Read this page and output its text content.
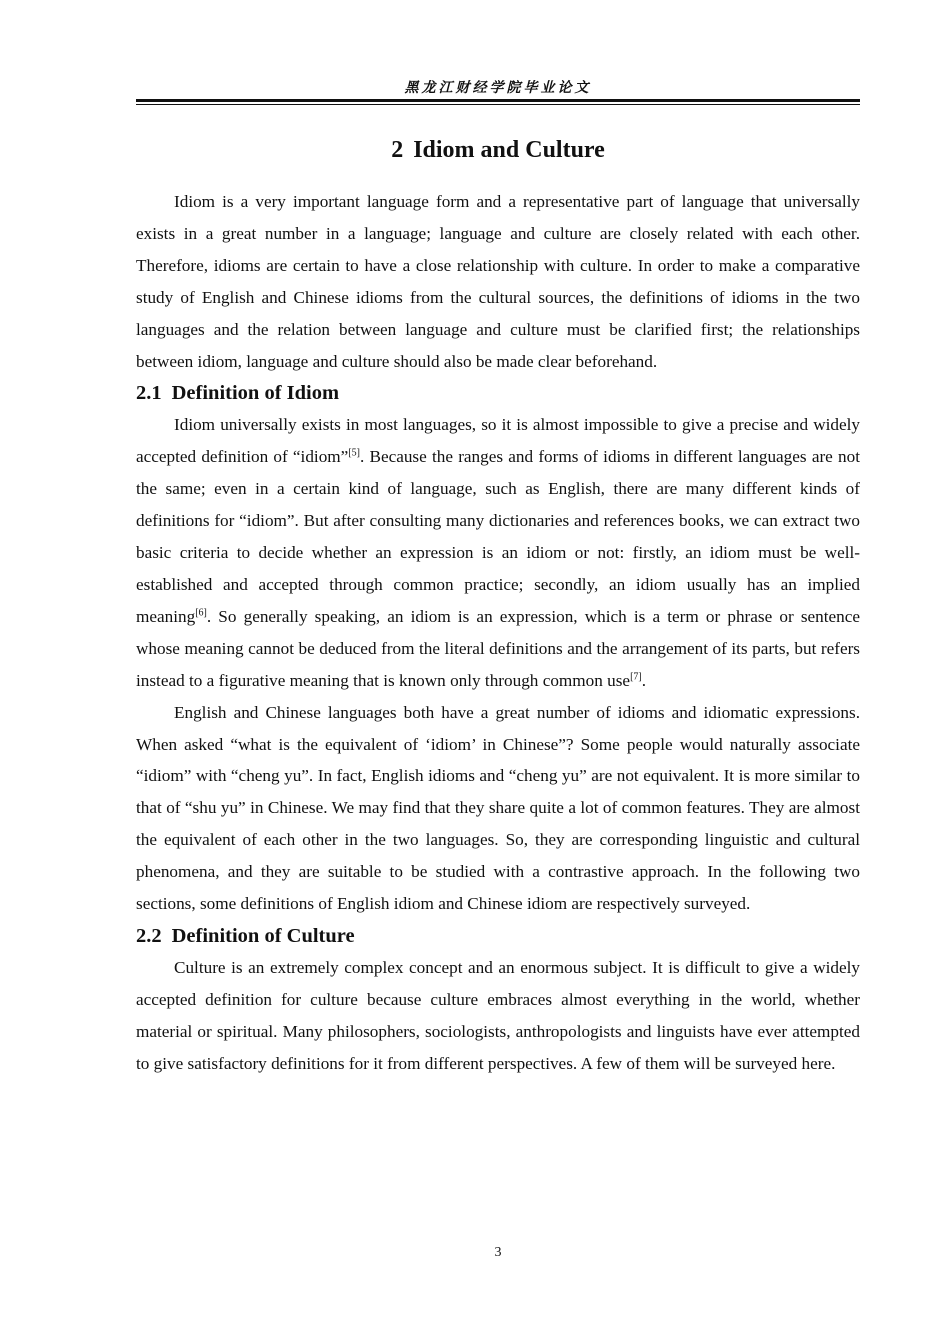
黑龙江财经学院毕业论文
2 Idiom and Culture

Idiom is a very important language form and a representative part of language that universally exists in a great number in a language; language and culture are closely related with each other. Therefore, idioms are certain to have a close relationship with culture. In order to make a comparative study of English and Chinese idioms from the cultural sources, the definitions of idioms in the two languages and the relation between language and culture must be clarified first; the relationships between idiom, language and culture should also be made clear beforehand.

2.1 Definition of Idiom

Idiom universally exists in most languages, so it is almost impossible to give a precise and widely accepted definition of “idiom”[5]. Because the ranges and forms of idioms in different languages are not the same; even in a certain kind of language, such as English, there are many different kinds of definitions for “idiom”. But after consulting many dictionaries and references books, we can extract two basic criteria to decide whether an expression is an idiom or not: firstly, an idiom must be well-established and accepted through common practice; secondly, an idiom usually has an implied meaning[6]. So generally speaking, an idiom is an expression, which is a term or phrase or sentence whose meaning cannot be deduced from the literal definitions and the arrangement of its parts, but refers instead to a figurative meaning that is known only through common use[7].

English and Chinese languages both have a great number of idioms and idiomatic expressions. When asked “what is the equivalent of ‘idiom’ in Chinese”? Some people would naturally associate “idiom” with “cheng yu”. In fact, English idioms and “cheng yu” are not equivalent. It is more similar to that of “shu yu” in Chinese. We may find that they share quite a lot of common features. They are almost the equivalent of each other in the two languages. So, they are corresponding linguistic and cultural phenomena, and they are suitable to be studied with a contrastive approach. In the following two sections, some definitions of English idiom and Chinese idiom are respectively surveyed.

2.2 Definition of Culture

Culture is an extremely complex concept and an enormous subject. It is difficult to give a widely accepted definition for culture because culture embraces almost everything in the world, whether material or spiritual. Many philosophers, sociologists, anthropologists and linguists have ever attempted to give satisfactory definitions for it from different perspectives. A few of them will be surveyed here.

3
